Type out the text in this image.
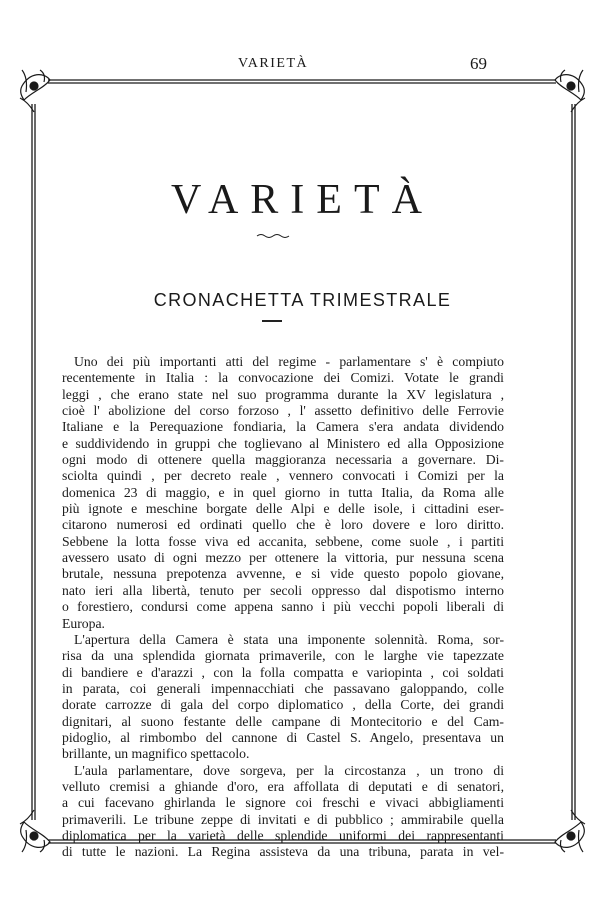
VARIETÀ	69
VARIETÀ
CRONACHETTA TRIMESTRALE

Uno dei più importanti atti del regime - parlamentare s' è compiuto
recentemente in Italia : la convocazione dei Comizi. Votate le grandi
leggi , che erano state nel suo programma durante la XV legislatura ,
cioè l' abolizione del corso forzoso , l' assetto definitivo delle Ferrovie
Italiane e la Perequazione fondiaria, la Camera s'era andata dividendo
e suddividendo in gruppi che toglievano al Ministero ed alla Opposizione
ogni modo di ottenere quella maggioranza necessaria a governare. Di-
sciolta quindi , per decreto reale , vennero convocati i Comizi per la
domenica 23 di maggio, e in quel giorno in tutta Italia, da Roma alle
più ignote e meschine borgate delle Alpi e delle isole, i cittadini eser-
citarono numerosi ed ordinati quello che è loro dovere e loro diritto.
Sebbene la lotta fosse viva ed accanita, sebbene, come suole , i partiti
avessero usato di ogni mezzo per ottenere la vittoria, pur nessuna scena
brutale, nessuna prepotenza avvenne, e si vide questo popolo giovane,
nato ieri alla libertà, tenuto per secoli oppresso dal dispotismo interno
o forestiero, condursi come appena sanno i più vecchi popoli liberali di
Europa.

L'apertura della Camera è stata una imponente solennità. Roma, sor-
risa da una splendida giornata primaverile, con le larghe vie tapezzate
di bandiere e d'arazzi , con la folla compatta e variopinta , coi soldati
in parata, coi generali impennacchiati che passavano galoppando, colle
dorate carrozze di gala del corpo diplomatico , della Corte, dei grandi
dignitari, al suono festante delle campane di Montecitorio e del Cam-
pidoglio, al rimbombo del cannone di Castel S. Angelo, presentava un
brillante, un magnifico spettacolo.

L'aula parlamentare, dove sorgeva, per la circostanza , un trono di
velluto cremisi a ghiande d'oro, era affollata di deputati e di senatori,
a cui facevano ghirlanda le signore coi freschi e vivaci abbigliamenti
primaverili. Le tribune zeppe di invitati e di pubblico ; ammirabile quella
diplomatica per la varietà delle splendide uniformi dei rappresentanti
di tutte le nazioni. La Regina assisteva da una tribuna, parata in vel-
